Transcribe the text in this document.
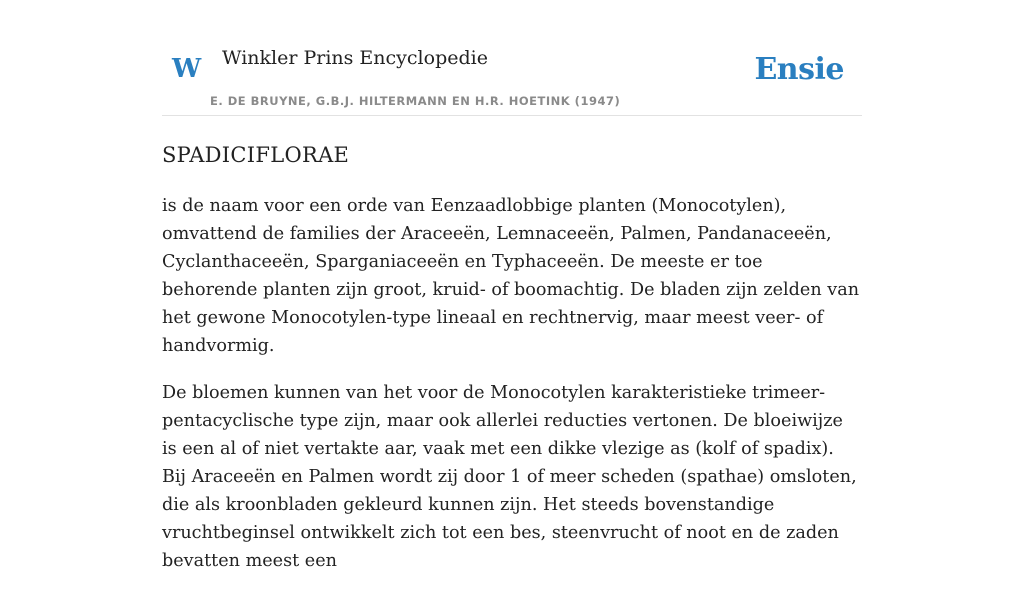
W Winkler Prins Encyclopedie
E. DE BRUYNE, G.B.J. HILTERMANN EN H.R. HOETINK (1947)
Ensie
SPADICIFLORAE

is de naam voor een orde van Eenzaadlobbige planten (Monocotylen), omvattend de families der Araceeën, Lemnaceeën, Palmen, Pandanaceeën, Cyclanthaceeën, Sparganiaceeën en Typhaceeën. De meeste er toe behorende planten zijn groot, kruid- of boomachtig. De bladen zijn zelden van het gewone Monocotylen-type lineaal en rechtnervig, maar meest veer- of handvormig.

De bloemen kunnen van het voor de Monocotylen karakteristieke trimeer-pentacyclische type zijn, maar ook allerlei reducties vertonen. De bloeiwijze is een al of niet vertakte aar, vaak met een dikke vlezige as (kolf of spadix). Bij Araceeën en Palmen wordt zij door 1 of meer scheden (spathae) omsloten, die als kroonbladen gekleurd kunnen zijn. Het steeds bovenstandige vruchtbeginsel ontwikkelt zich tot een bes, steenvrucht of noot en de zaden bevatten meest een
